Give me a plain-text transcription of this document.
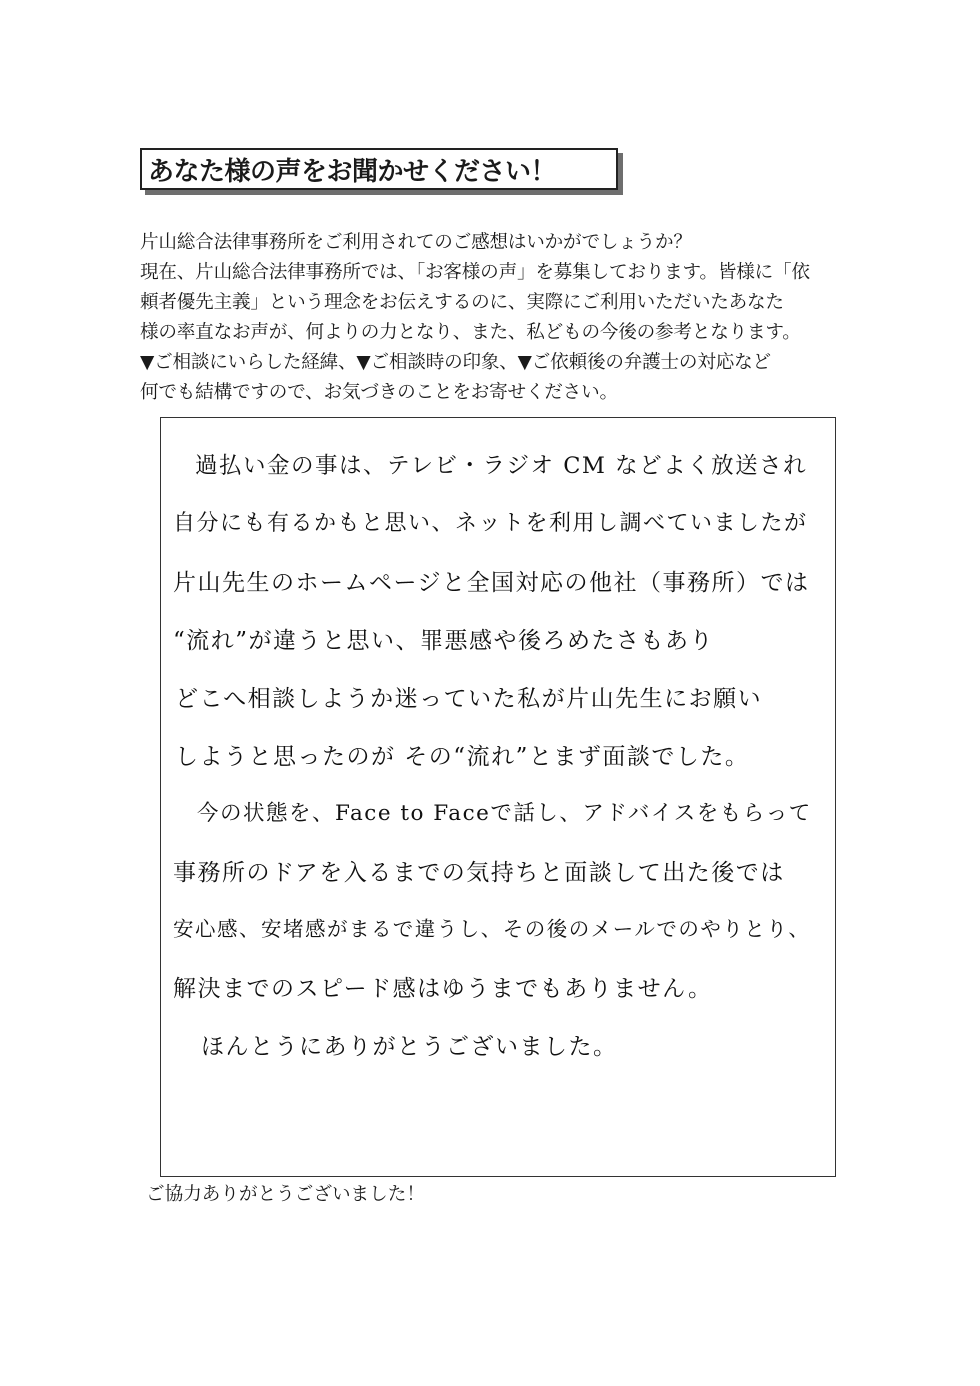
あなた様の声をお聞かせください！
片山総合法律事務所をご利用されてのご感想はいかがでしょうか？
現在、片山総合法律事務所では、「お客様の声」を募集しております。皆様に「依
頼者優先主義」という理念をお伝えするのに、実際にご利用いただいたあなた
様の率直なお声が、何よりの力となり、また、私どもの今後の参考となります。
▼ご相談にいらした経緯、▼ご相談時の印象、▼ご依頼後の弁護士の対応など
何でも結構ですので、お気づきのことをお寄せください。
過払い金の事は、テレビ・ラジオ CM などよく放送され
自分にも有るかもと思い、ネットを利用し調べていましたが
片山先生のホームページと全国対応の他社（事務所）では
“流れ”が違うと思い、罪悪感や後ろめたさもあり
どこへ相談しようか迷っていた私が片山先生にお願い
しようと思ったのが その“流れ”とまず面談でした。
今の状態を、Face to Faceで話し、アドバイスをもらって
事務所のドアを入るまでの気持ちと面談して出た後では
安心感、安堵感がまるで違うし、その後のメールでのやりとり、
解決までのスピード感はゆうまでもありません。
ほんとうにありがとうございました。
ご協力ありがとうございました！
